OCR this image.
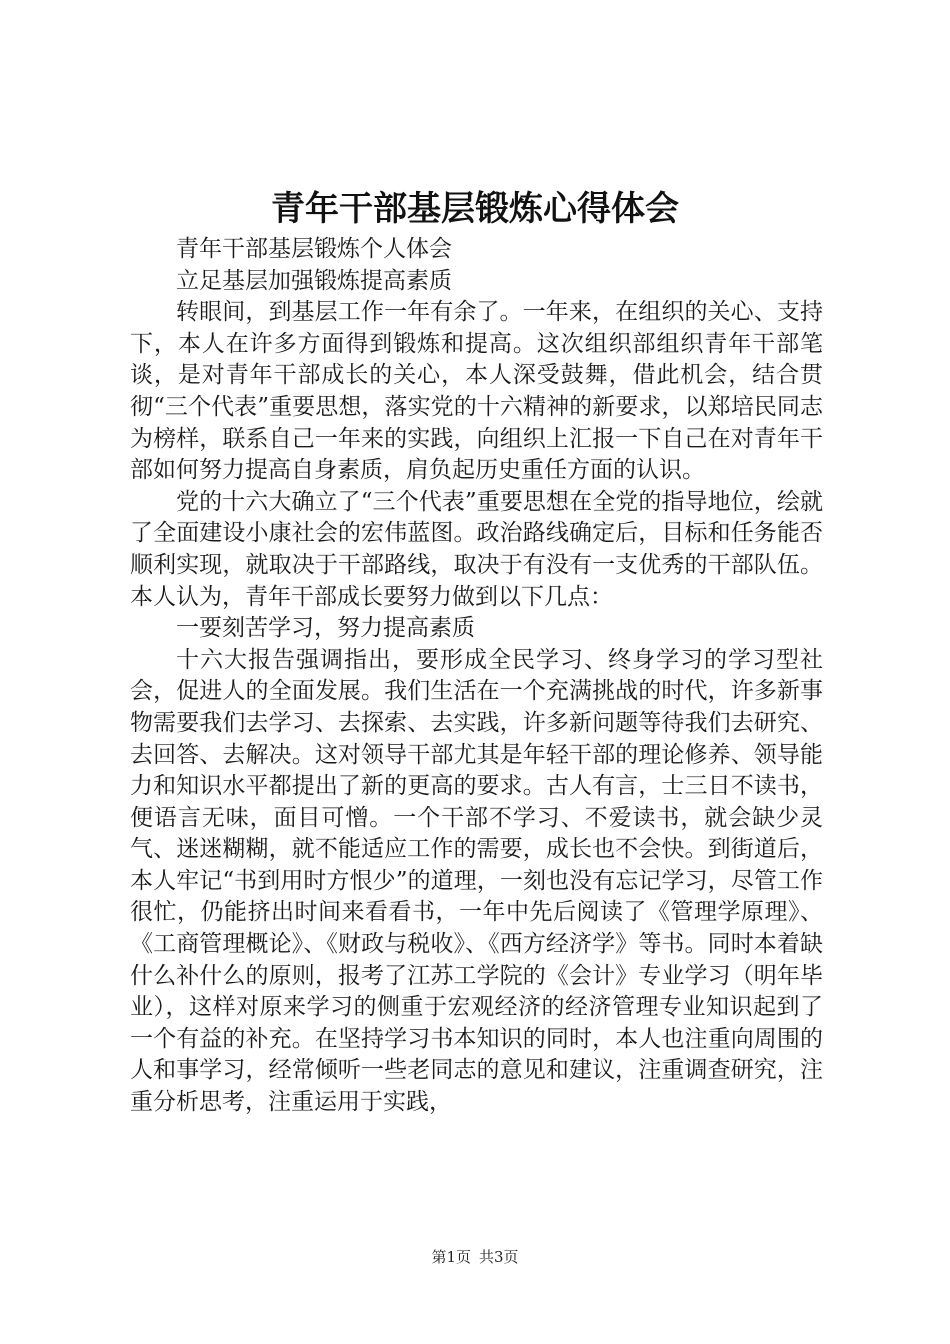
青年干部基层锻炼心得体会

青年干部基层锻炼个人体会

立足基层加强锻炼提高素质

转眼间，到基层工作一年有余了。一年来，在组织的关心、支持下，本人在许多方面得到锻炼和提高。这次组织部组织青年干部笔谈，是对青年干部成长的关心，本人深受鼓舞，借此机会，结合贯彻“三个代表”重要思想，落实党的十六精神的新要求，以郑培民同志为榜样，联系自己一年来的实践，向组织上汇报一下自己在对青年干部如何努力提高自身素质，肩负起历史重任方面的认识。

党的十六大确立了“三个代表”重要思想在全党的指导地位，绘就了全面建设小康社会的宏伟蓝图。政治路线确定后，目标和任务能否顺利实现，就取决于干部路线，取决于有没有一支优秀的干部队伍。本人认为，青年干部成长要努力做到以下几点：

一要刻苦学习，努力提高素质

十六大报告强调指出，要形成全民学习、终身学习的学习型社会，促进人的全面发展。我们生活在一个充满挑战的时代，许多新事物需要我们去学习、去探索、去实践，许多新问题等待我们去研究、去回答、去解决。这对领导干部尤其是年轻干部的理论修养、领导能力和知识水平都提出了新的更高的要求。古人有言，士三日不读书，便语言无味，面目可憎。一个干部不学习、不爱读书，就会缺少灵气、迷迷糊糊，就不能适应工作的需要，成长也不会快。到街道后，本人牢记“书到用时方恨少”的道理，一刻也没有忘记学习，尽管工作很忙，仍能挤出时间来看看书，一年中先后阅读了《管理学原理》、《工商管理概论》、《财政与税收》、《西方经济学》等书。同时本着缺什么补什么的原则，报考了江苏工学院的《会计》专业学习（明年毕业），这样对原来学习的侧重于宏观经济的经济管理专业知识起到了一个有益的补充。在坚持学习书本知识的同时，本人也注重向周围的人和事学习，经常倾听一些老同志的意见和建议，注重调查研究，注重分析思考，注重运用于实践，

第1页 共3页
